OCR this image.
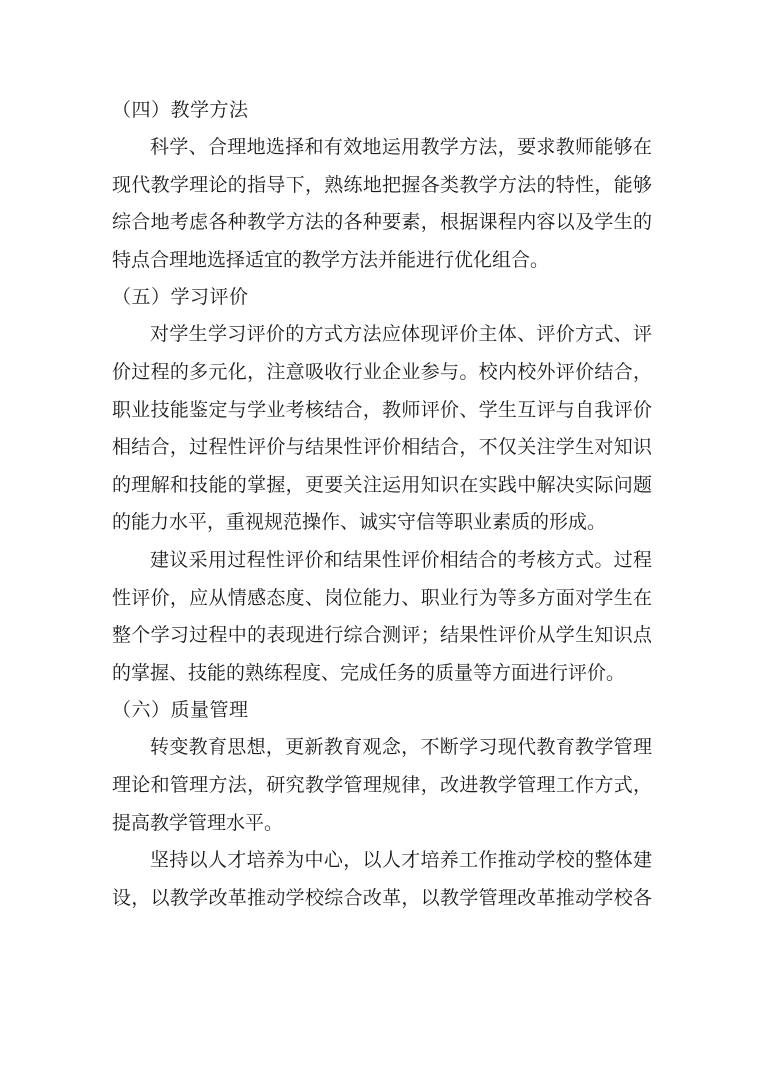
（四）教学方法
科学、合理地选择和有效地运用教学方法，要求教师能够在
现代教学理论的指导下，熟练地把握各类教学方法的特性，能够
综合地考虑各种教学方法的各种要素，根据课程内容以及学生的
特点合理地选择适宜的教学方法并能进行优化组合。
（五）学习评价
对学生学习评价的方式方法应体现评价主体、评价方式、评
价过程的多元化，注意吸收行业企业参与。校内校外评价结合，
职业技能鉴定与学业考核结合，教师评价、学生互评与自我评价
相结合，过程性评价与结果性评价相结合，不仅关注学生对知识
的理解和技能的掌握，更要关注运用知识在实践中解决实际问题
的能力水平，重视规范操作、诚实守信等职业素质的形成。
建议采用过程性评价和结果性评价相结合的考核方式。过程
性评价，应从情感态度、岗位能力、职业行为等多方面对学生在
整个学习过程中的表现进行综合测评；结果性评价从学生知识点
的掌握、技能的熟练程度、完成任务的质量等方面进行评价。
（六）质量管理
转变教育思想，更新教育观念，不断学习现代教育教学管理
理论和管理方法，研究教学管理规律，改进教学管理工作方式，
提高教学管理水平。
坚持以人才培养为中心，以人才培养工作推动学校的整体建
设，以教学改革推动学校综合改革，以教学管理改革推动学校各
